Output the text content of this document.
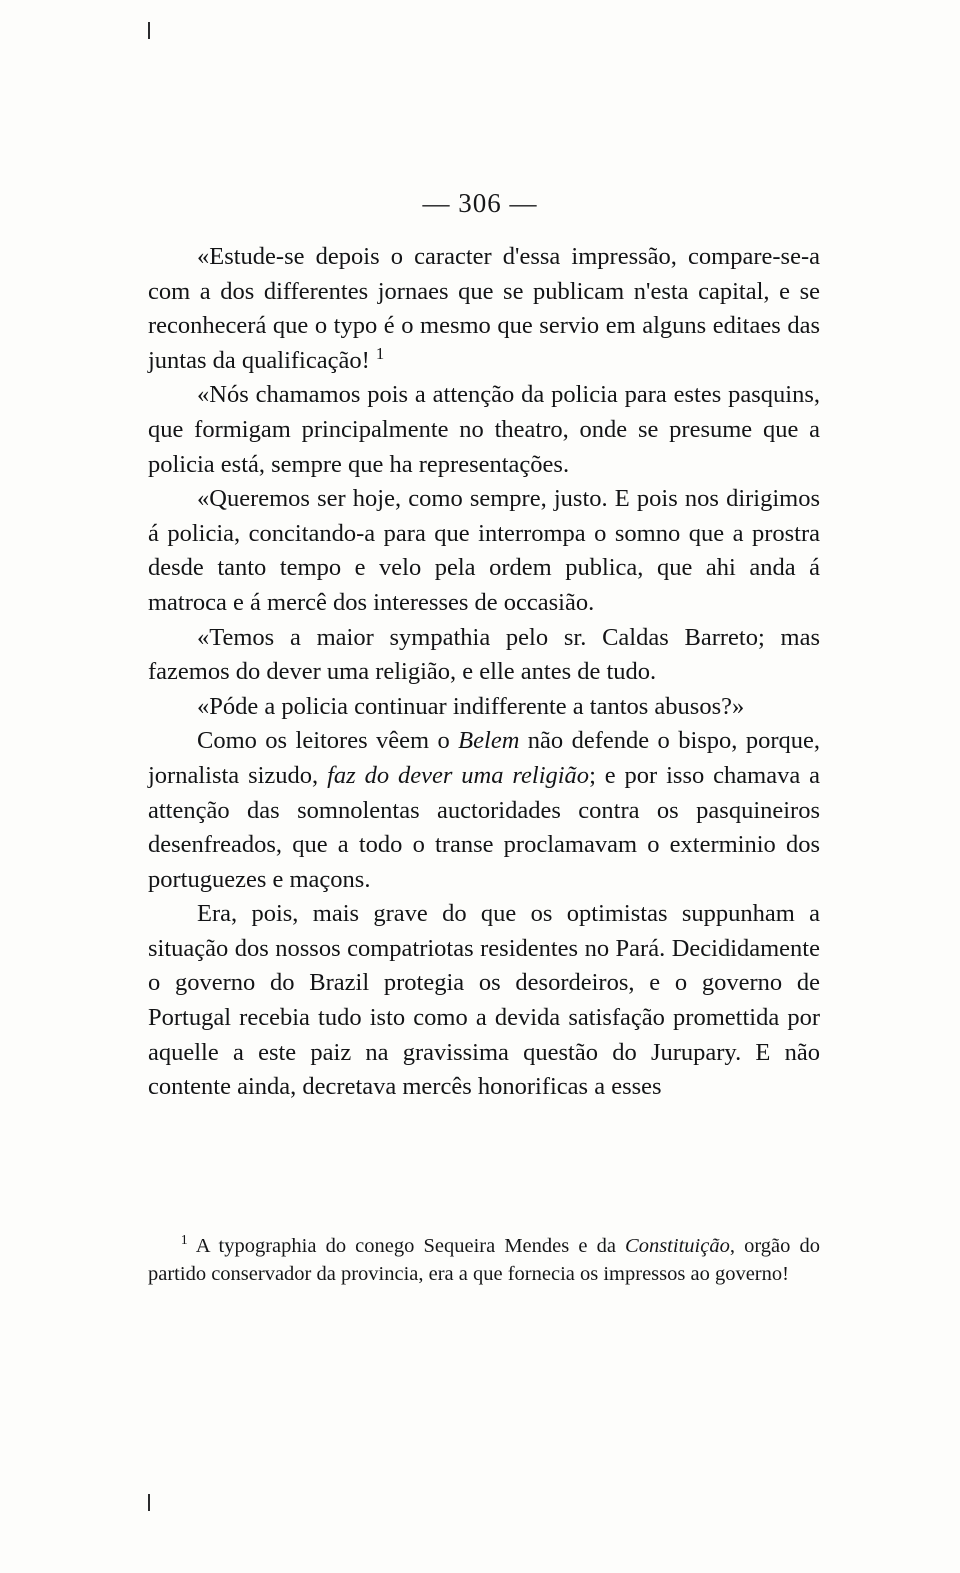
— 306 —

«Estude-se depois o caracter d'essa impressão, compare-se-a com a dos differentes jornaes que se publicam n'esta capital, e se reconhecerá que o typo é o mesmo que servio em alguns editaes das juntas da qualificação! $^1$

«Nós chamamos pois a attenção da policia para estes pasquins, que formigam principalmente no theatro, onde se presume que a policia está, sempre que ha representações.

«Queremos ser hoje, como sempre, justo. E pois nos dirigimos á policia, concitando-a para que interrompa o somno que a prostra desde tanto tempo e velo pela ordem publica, que ahi anda á matroca e á mercê dos interesses de occasião.

«Temos a maior sympathia pelo sr. Caldas Barreto; mas fazemos do dever uma religião, e elle antes de tudo.

«Póde a policia continuar indifferente a tantos abusos?»

Como os leitores vêem o Belem não defende o bispo, porque, jornalista sizudo, faz do dever uma religião; e por isso chamava a attenção das somnolentas auctoridades contra os pasquineiros desenfreados, que a todo o transe proclamavam o exterminio dos portuguezes e maçons.

Era, pois, mais grave do que os optimistas suppunham a situação dos nossos compatriotas residentes no Pará. Decididamente o governo do Brazil protegia os desordeiros, e o governo de Portugal recebia tudo isto como a devida satisfação promettida por aquelle a este paiz na gravissima questão do Jurupary. E não contente ainda, decretava mercês honorificas a esses

$^1$ A typographia do conego Sequeira Mendes e da Constituição, orgão do partido conservador da provincia, era a que fornecia os impressos ao governo!
